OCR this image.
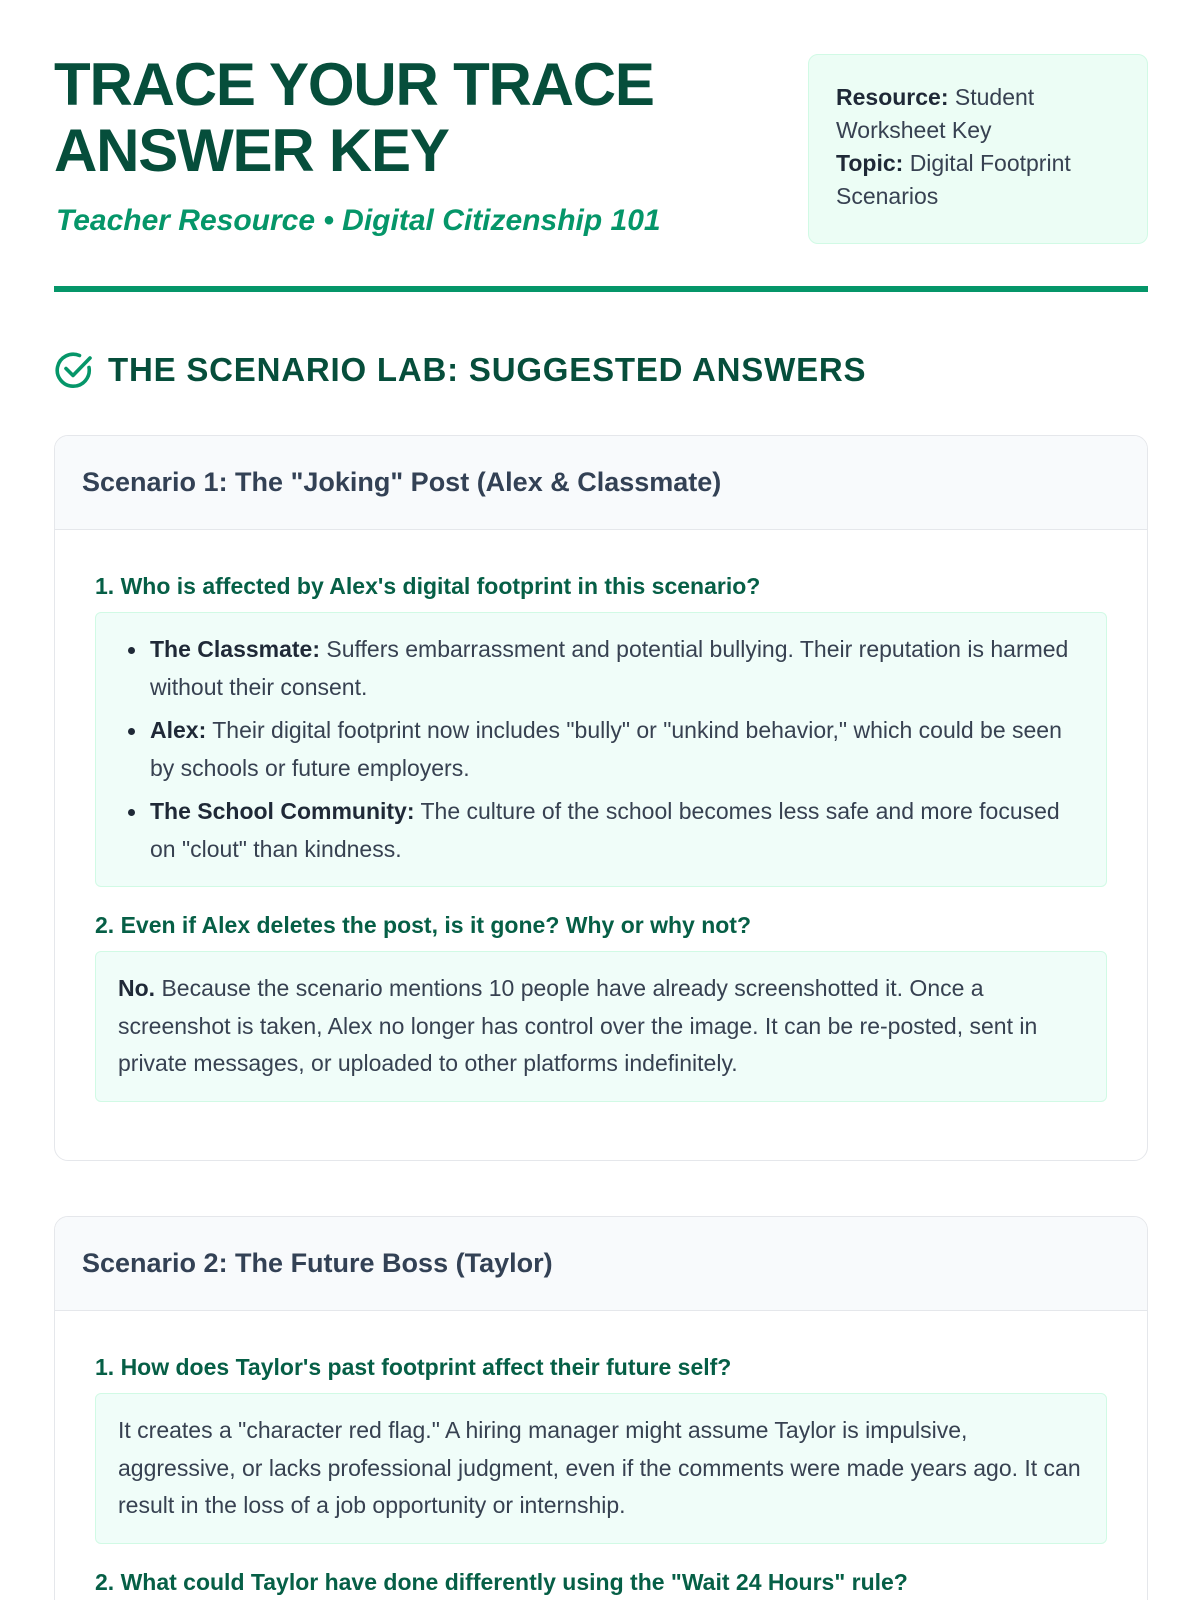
TRACE YOUR TRACE
ANSWER KEY
Teacher Resource • Digital Citizenship 101
Resource: Student Worksheet Key
Topic: Digital Footprint Scenarios
THE SCENARIO LAB: SUGGESTED ANSWERS
Scenario 1: The "Joking" Post (Alex & Classmate)
1. Who is affected by Alex's digital footprint in this scenario?
The Classmate: Suffers embarrassment and potential bullying. Their reputation is harmed without their consent.
Alex: Their digital footprint now includes "bully" or "unkind behavior," which could be seen by schools or future employers.
The School Community: The culture of the school becomes less safe and more focused on "clout" than kindness.
2. Even if Alex deletes the post, is it gone? Why or why not?
No. Because the scenario mentions 10 people have already screenshotted it. Once a screenshot is taken, Alex no longer has control over the image. It can be re-posted, sent in private messages, or uploaded to other platforms indefinitely.
Scenario 2: The Future Boss (Taylor)
1. How does Taylor's past footprint affect their future self?
It creates a "character red flag." A hiring manager might assume Taylor is impulsive, aggressive, or lacks professional judgment, even if the comments were made years ago. It can result in the loss of a job opportunity or internship.
2. What could Taylor have done differently using the "Wait 24 Hours" rule?
